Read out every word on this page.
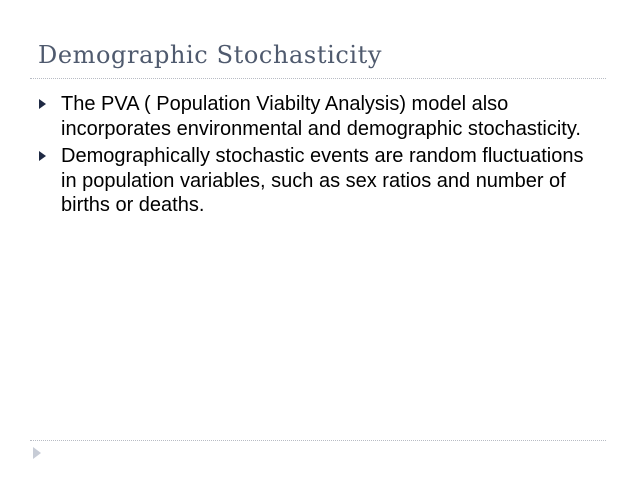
Demographic Stochasticity
The PVA ( Population Viabilty Analysis) model also incorporates environmental and demographic stochasticity.
Demographically stochastic events are random fluctuations in population variables, such as sex ratios and number of births or deaths.
